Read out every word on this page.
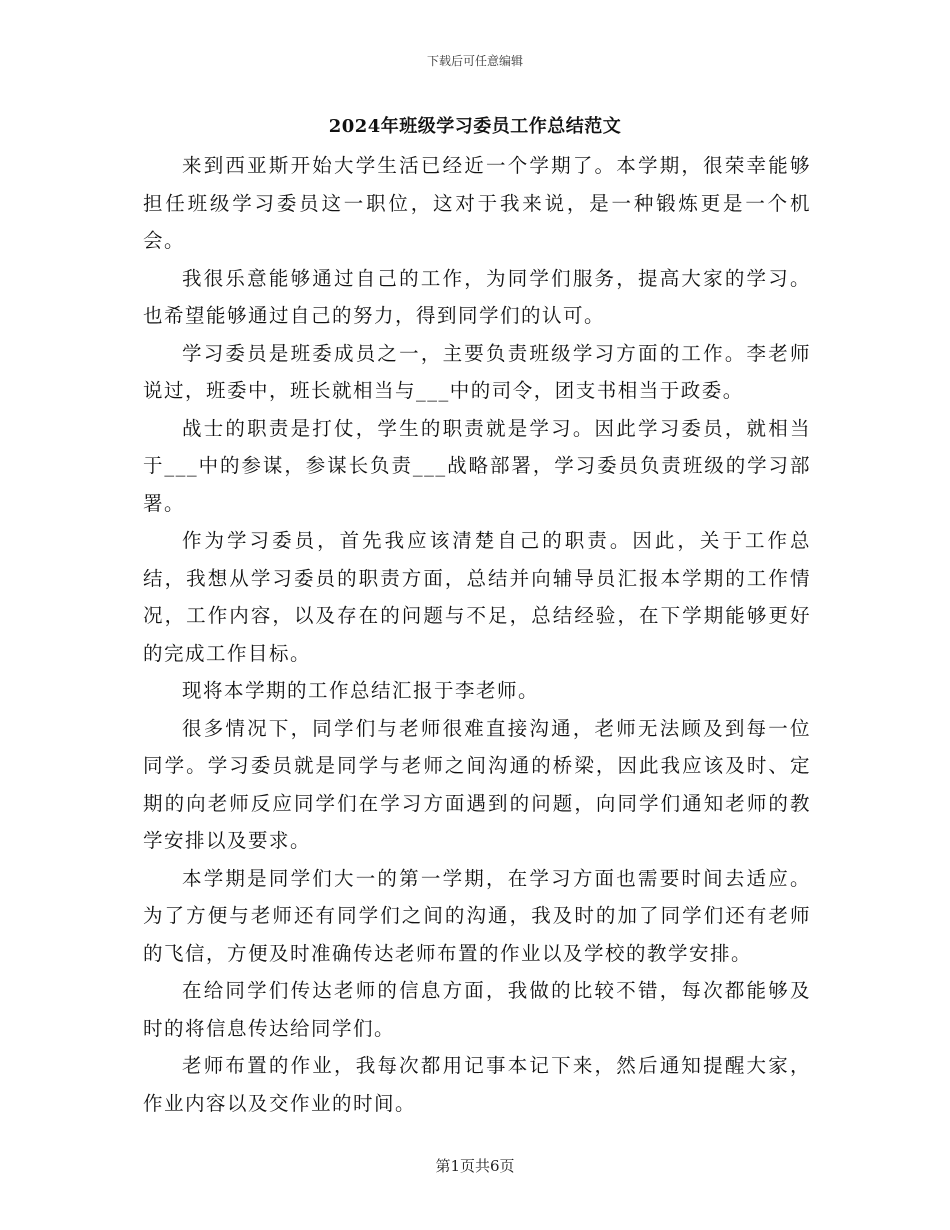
下载后可任意编辑
2024年班级学习委员工作总结范文

来到西亚斯开始大学生活已经近一个学期了。本学期，很荣幸能够担任班级学习委员这一职位，这对于我来说，是一种锻炼更是一个机会。

我很乐意能够通过自己的工作，为同学们服务，提高大家的学习。也希望能够通过自己的努力，得到同学们的认可。

学习委员是班委成员之一，主要负责班级学习方面的工作。李老师说过，班委中，班长就相当与___中的司令，团支书相当于政委。

战士的职责是打仗，学生的职责就是学习。因此学习委员，就相当于___中的参谋，参谋长负责___战略部署，学习委员负责班级的学习部署。

作为学习委员，首先我应该清楚自己的职责。因此，关于工作总结，我想从学习委员的职责方面，总结并向辅导员汇报本学期的工作情况，工作内容，以及存在的问题与不足，总结经验，在下学期能够更好的完成工作目标。

现将本学期的工作总结汇报于李老师。

很多情况下，同学们与老师很难直接沟通，老师无法顾及到每一位同学。学习委员就是同学与老师之间沟通的桥梁，因此我应该及时、定期的向老师反应同学们在学习方面遇到的问题，向同学们通知老师的教学安排以及要求。

本学期是同学们大一的第一学期，在学习方面也需要时间去适应。为了方便与老师还有同学们之间的沟通，我及时的加了同学们还有老师的飞信，方便及时准确传达老师布置的作业以及学校的教学安排。

在给同学们传达老师的信息方面，我做的比较不错，每次都能够及时的将信息传达给同学们。

老师布置的作业，我每次都用记事本记下来，然后通知提醒大家，作业内容以及交作业的时间。

第1页共6页
